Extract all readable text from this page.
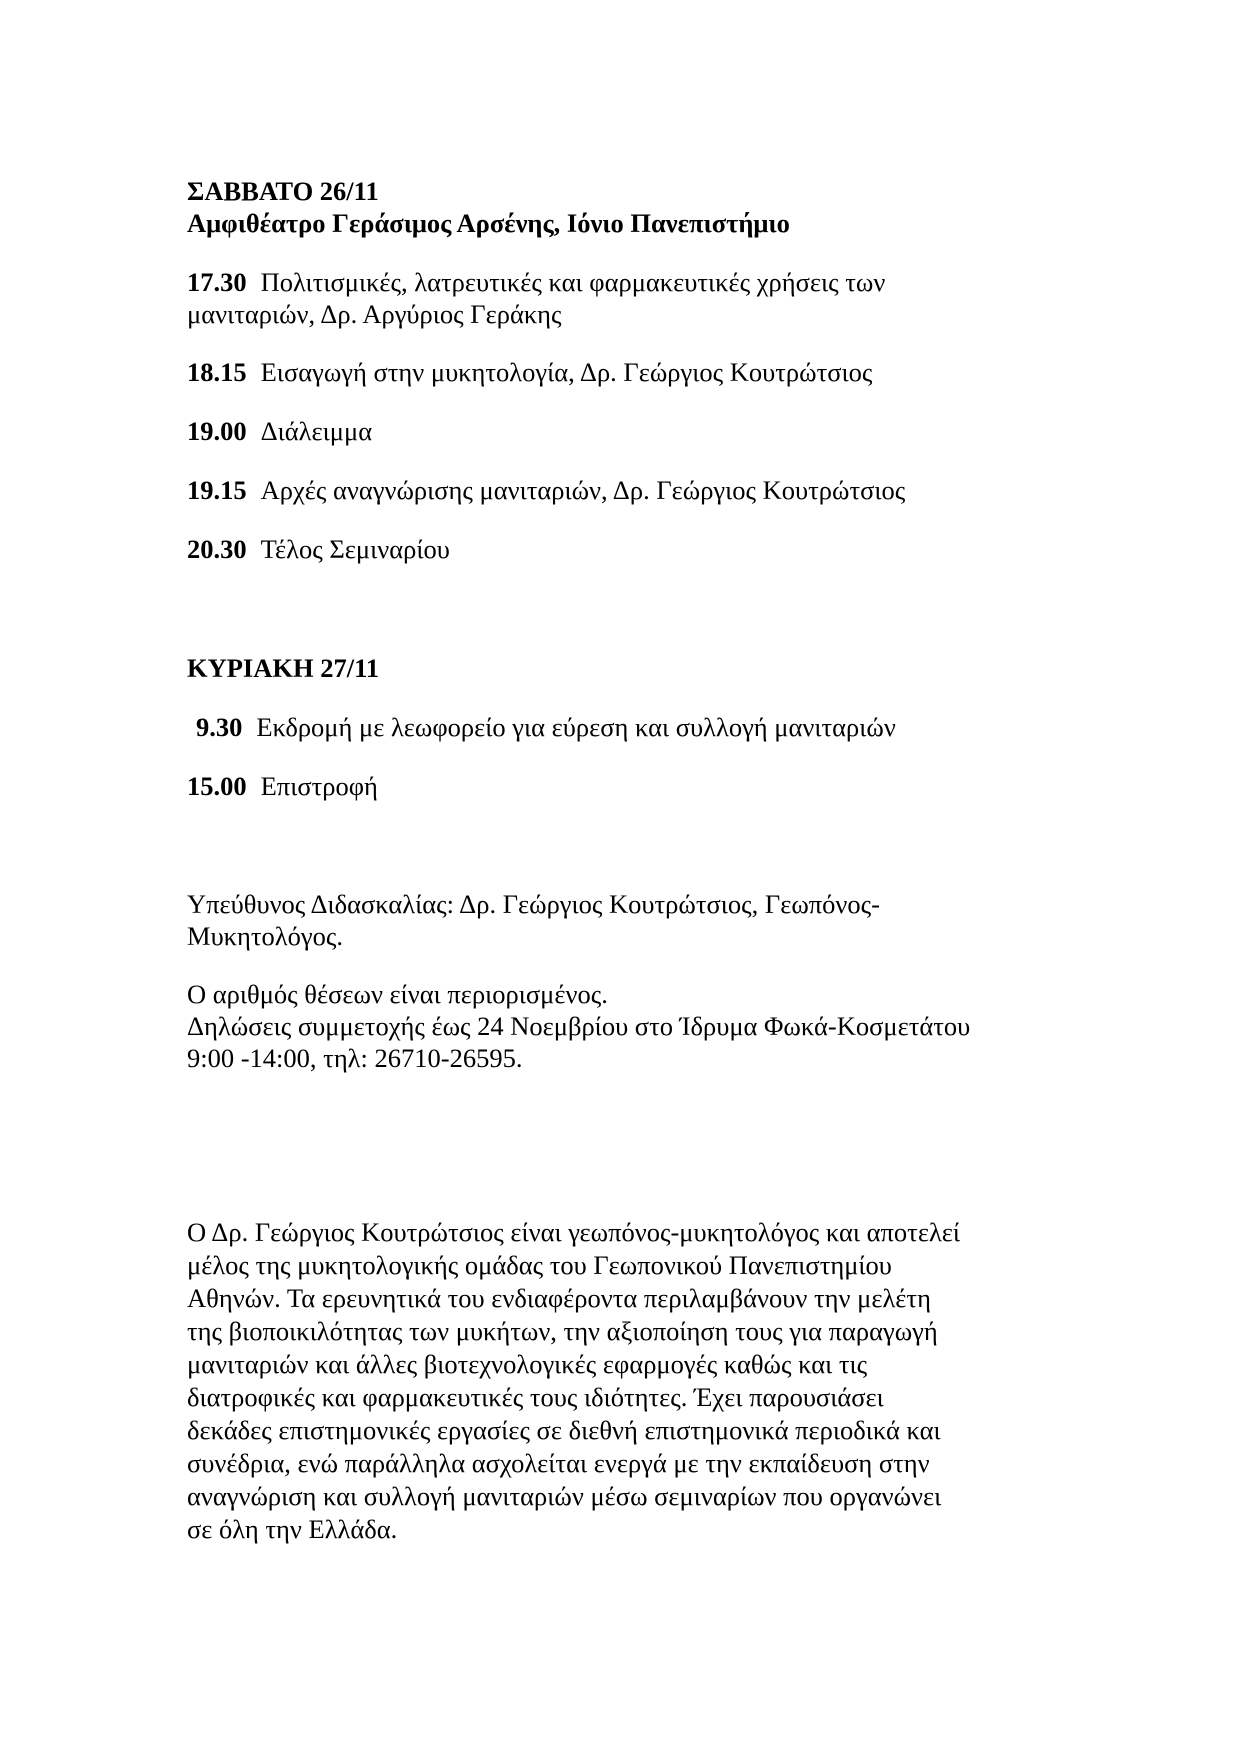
ΣΑΒΒΑΤΟ 26/11
Αμφιθέατρο Γεράσιμος Αρσένης, Ιόνιο Πανεπιστήμιο
17.30 Πολιτισμικές, λατρευτικές και φαρμακευτικές χρήσεις των
μανιταριών, Δρ. Αργύριος Γεράκης
18.15 Εισαγωγή στην μυκητολογία, Δρ. Γεώργιος Κουτρώτσιος
19.00 Διάλειμμα
19.15 Αρχές αναγνώρισης μανιταριών, Δρ. Γεώργιος Κουτρώτσιος
20.30 Τέλος Σεμιναρίου
ΚΥΡΙΑΚΗ 27/11
9.30 Εκδρομή με λεωφορείο για εύρεση και συλλογή μανιταριών
15.00 Επιστροφή
Υπεύθυνος Διδασκαλίας: Δρ. Γεώργιος Κουτρώτσιος, Γεωπόνος-
Μυκητολόγος.
Ο αριθμός θέσεων είναι περιορισμένος.
Δηλώσεις συμμετοχής έως 24 Νοεμβρίου στο Ίδρυμα Φωκά-Κοσμετάτου
9:00 -14:00, τηλ: 26710-26595.
Ο Δρ. Γεώργιος Κουτρώτσιος είναι γεωπόνος-μυκητολόγος και αποτελεί
μέλος της μυκητολογικής ομάδας του Γεωπονικού Πανεπιστημίου
Αθηνών. Τα ερευνητικά του ενδιαφέροντα περιλαμβάνουν την μελέτη
της βιοποικιλότητας των μυκήτων, την αξιοποίηση τους για παραγωγή
μανιταριών και άλλες βιοτεχνολογικές εφαρμογές καθώς και τις
διατροφικές και φαρμακευτικές τους ιδιότητες. Έχει παρουσιάσει
δεκάδες επιστημονικές εργασίες σε διεθνή επιστημονικά περιοδικά και
συνέδρια, ενώ παράλληλα ασχολείται ενεργά με την εκπαίδευση στην
αναγνώριση και συλλογή μανιταριών μέσω σεμιναρίων που οργανώνει
σε όλη την Ελλάδα.
